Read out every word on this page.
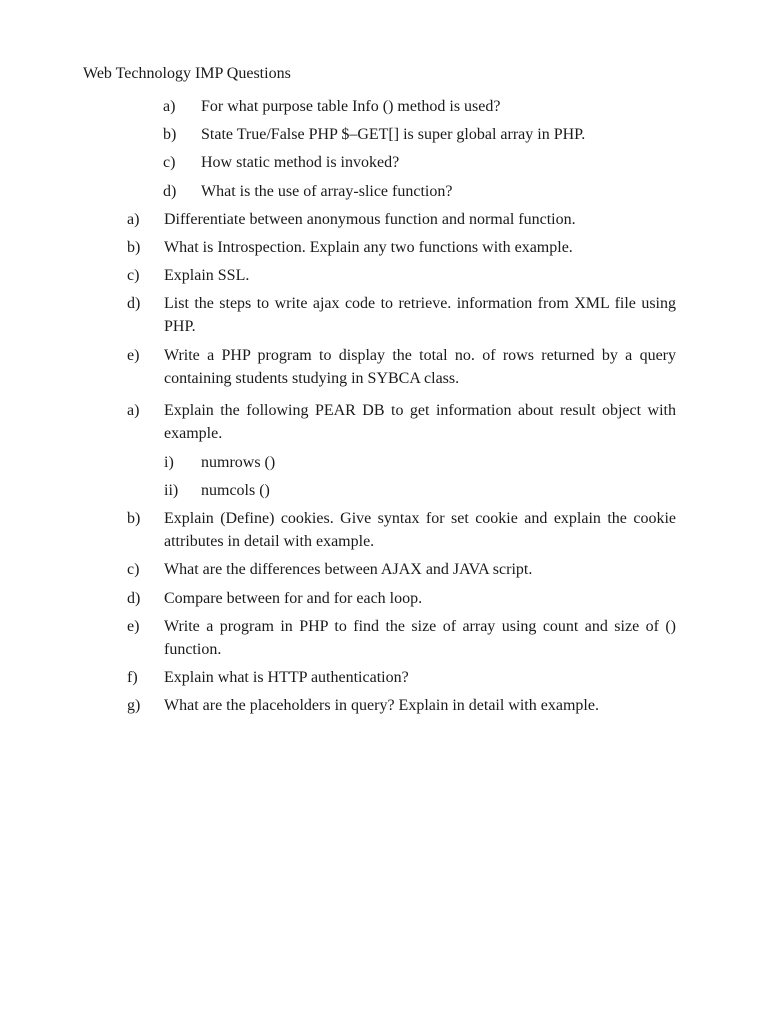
Web Technology IMP Questions
a) For what purpose table Info () method is used?
b) State True/False PHP $–GET[] is super global array in PHP.
c) How static method is invoked?
d) What is the use of array-slice function?
a) Differentiate between anonymous function and normal function.
b) What is Introspection. Explain any two functions with example.
c) Explain SSL.
d) List the steps to write ajax code to retrieve. information from XML file using PHP.
e) Write a PHP program to display the total no. of rows returned by a query containing students studying in SYBCA class.
a) Explain the following PEAR DB to get information about result object with example.
i) numrows ()
ii) numcols ()
b) Explain (Define) cookies. Give syntax for set cookie and explain the cookie attributes in detail with example.
c) What are the differences between AJAX and JAVA script.
d) Compare between for and for each loop.
e) Write a program in PHP to find the size of array using count and size of () function.
f) Explain what is HTTP authentication?
g) What are the placeholders in query? Explain in detail with example.
